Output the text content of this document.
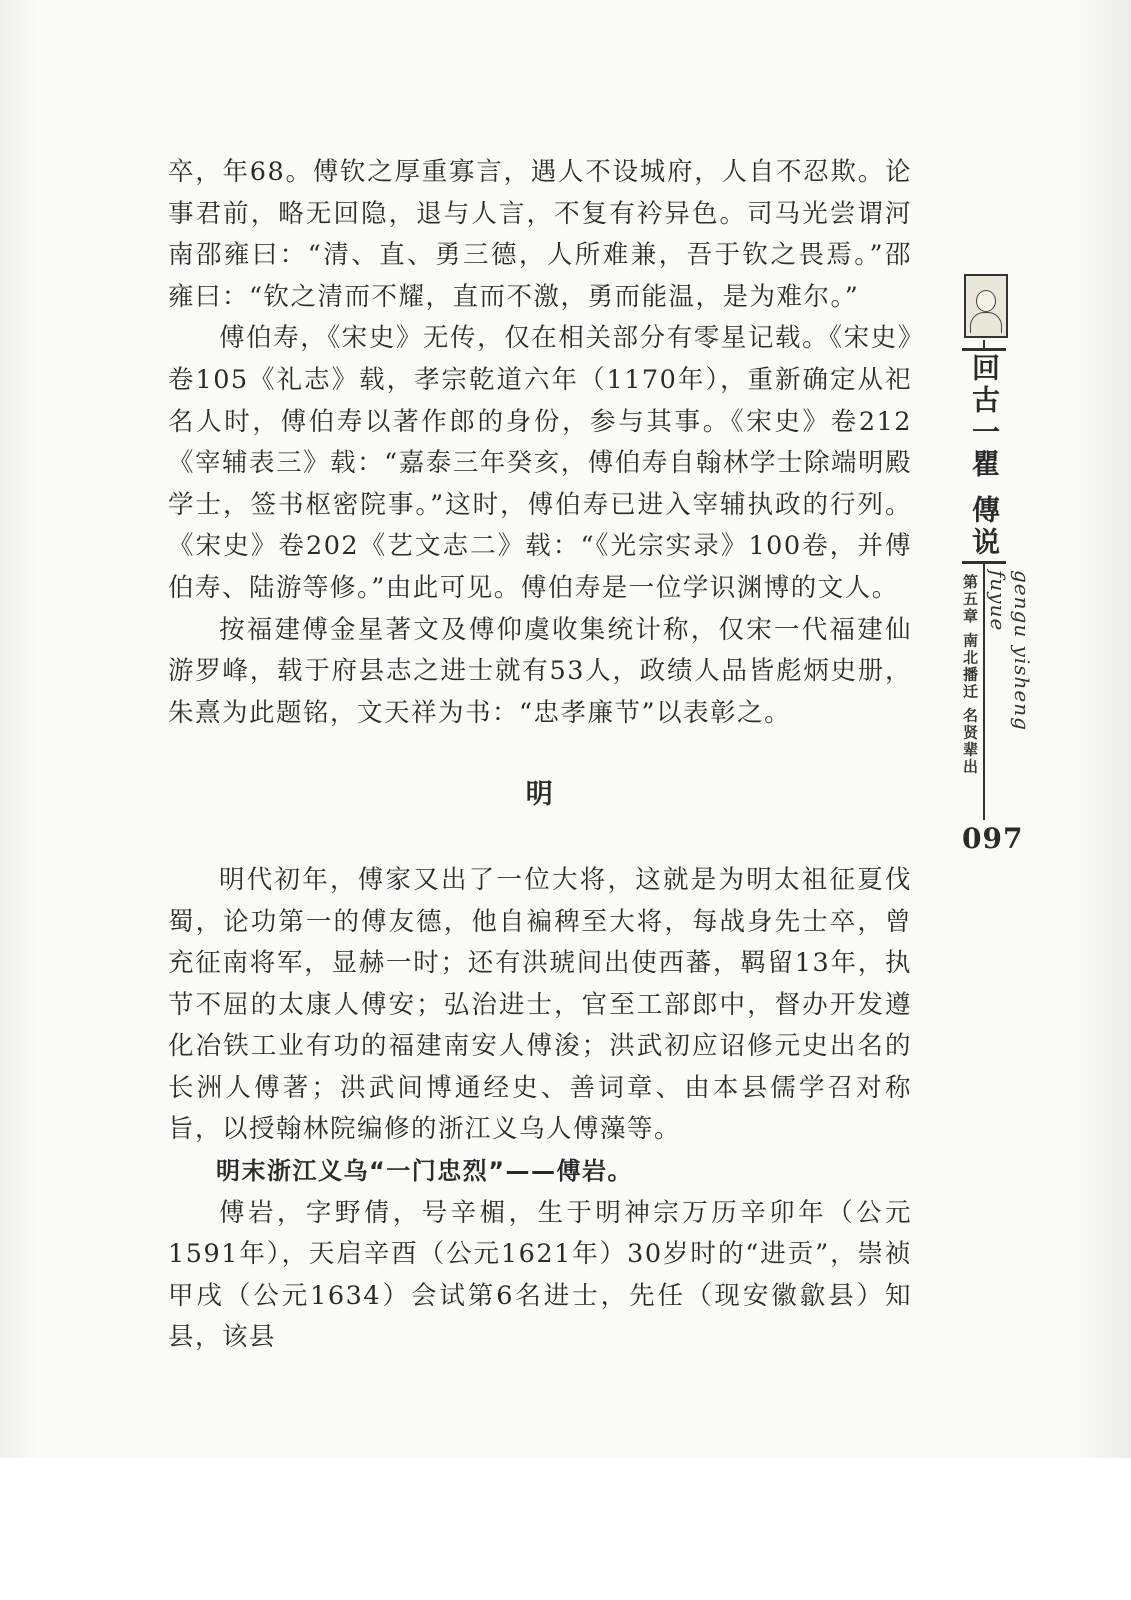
卒，年68。傅钦之厚重寡言，遇人不设城府，人自不忍欺。论事君前，略无回隐，退与人言，不复有衿异色。司马光尝谓河南邵雍曰：“清、直、勇三德，人所难兼，吾于钦之畏焉。”邵雍曰：“钦之清而不耀，直而不激，勇而能温，是为难尔。”

傅伯寿，《宋史》无传，仅在相关部分有零星记载。《宋史》卷105《礼志》载，孝宗乾道六年（1170年），重新确定从祀名人时，傅伯寿以著作郎的身份，参与其事。《宋史》卷212《宰辅表三》载：“嘉泰三年癸亥，傅伯寿自翰林学士除端明殿学士，签书枢密院事。”这时，傅伯寿已进入宰辅执政的行列。《宋史》卷202《艺文志二》载：“《光宗实录》100卷，并傅伯寿、陆游等修。”由此可见。傅伯寿是一位学识渊博的文人。

按福建傅金星著文及傅仰虞收集统计称，仅宋一代福建仙游罗峰，载于府县志之进士就有53人，政绩人品皆彪炳史册，朱熹为此题铭，文天祥为书：“忠孝廉节”以表彰之。

明

明代初年，傅家又出了一位大将，这就是为明太祖征夏伐蜀，论功第一的傅友德，他自褊稗至大将，每战身先士卒，曾充征南将军，显赫一时；还有洪琥间出使西蕃，羁留13年，执节不屈的太康人傅安；弘治进士，官至工部郎中，督办开发遵化冶铁工业有功的福建南安人傅浚；洪武初应诏修元史出名的长洲人傅著；洪武间博通经史、善词章、由本县儒学召对称旨，以授翰林院编修的浙江义乌人傅藻等。

明末浙江义乌“一门忠烈”——傅岩。

傅岩，字野倩，号辛楣，生于明神宗万历辛卯年（公元1591年），天启辛酉（公元1621年）30岁时的“进贡”，崇祯甲戌（公元1634）会试第6名进士，先任（现安徽歙县）知县，该县

回古一瞿 傳说
第五章 南北播迁 名贤辈出	gengu yisheng fuyue
097
